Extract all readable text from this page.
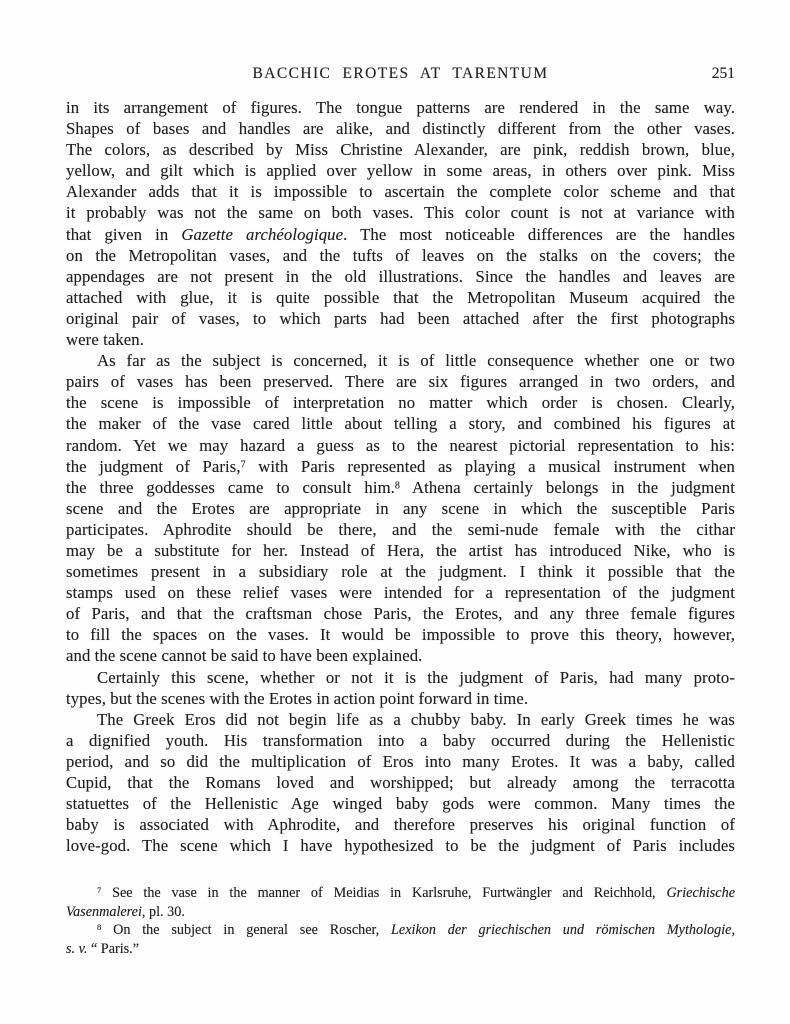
BACCHIC EROTES AT TARENTUM	251
in its arrangement of figures. The tongue patterns are rendered in the same way.
Shapes of bases and handles are alike, and distinctly different from the other vases.
The colors, as described by Miss Christine Alexander, are pink, reddish brown, blue,
yellow, and gilt which is applied over yellow in some areas, in others over pink. Miss
Alexander adds that it is impossible to ascertain the complete color scheme and that
it probably was not the same on both vases. This color count is not at variance with
that given in Gazette archéologique. The most noticeable differences are the handles
on the Metropolitan vases, and the tufts of leaves on the stalks on the covers; the
appendages are not present in the old illustrations. Since the handles and leaves are
attached with glue, it is quite possible that the Metropolitan Museum acquired the
original pair of vases, to which parts had been attached after the first photographs
were taken.
As far as the subject is concerned, it is of little consequence whether one or two
pairs of vases has been preserved. There are six figures arranged in two orders, and
the scene is impossible of interpretation no matter which order is chosen. Clearly,
the maker of the vase cared little about telling a story, and combined his figures at
random. Yet we may hazard a guess as to the nearest pictorial representation to his:
the judgment of Paris,$^7$ with Paris represented as playing a musical instrument when
the three goddesses came to consult him.$^8$ Athena certainly belongs in the judgment
scene and the Erotes are appropriate in any scene in which the susceptible Paris
participates. Aphrodite should be there, and the semi-nude female with the cithar
may be a substitute for her. Instead of Hera, the artist has introduced Nike, who is
sometimes present in a subsidiary role at the judgment. I think it possible that the
stamps used on these relief vases were intended for a representation of the judgment
of Paris, and that the craftsman chose Paris, the Erotes, and any three female figures
to fill the spaces on the vases. It would be impossible to prove this theory, however,
and the scene cannot be said to have been explained.
Certainly this scene, whether or not it is the judgment of Paris, had many proto-
types, but the scenes with the Erotes in action point forward in time.
The Greek Eros did not begin life as a chubby baby. In early Greek times he was
a dignified youth. His transformation into a baby occurred during the Hellenistic
period, and so did the multiplication of Eros into many Erotes. It was a baby, called
Cupid, that the Romans loved and worshipped; but already among the terracotta
statuettes of the Hellenistic Age winged baby gods were common. Many times the
baby is associated with Aphrodite, and therefore preserves his original function of
love-god. The scene which I have hypothesized to be the judgment of Paris includes
$^7$ See the vase in the manner of Meidias in Karlsruhe, Furtwängler and Reichhold, Griechische
Vasenmalerei, pl. 30.
$^8$ On the subject in general see Roscher, Lexikon der griechischen und römischen Mythologie,
s. v. “ Paris.”
